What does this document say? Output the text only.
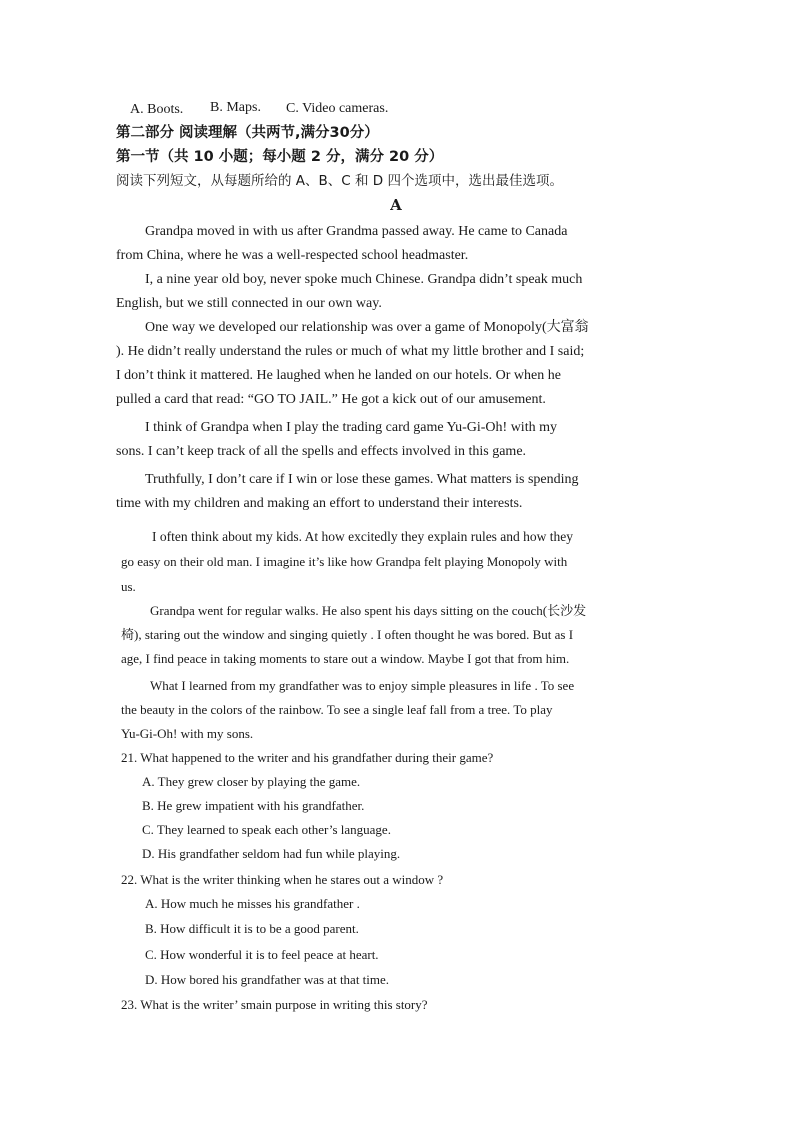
A. Boots. B. Maps. C. Video cameras.
第二部分 阅读理解（共两节,满分30分）
第一节（共 10 小题；每小题 2 分，满分 20 分）
阅读下列短文，从每题所给的 A、B、C 和 D 四个选项中，选出最佳选项。
A
Grandpa moved in with us after Grandma passed away. He came to Canada
from China, where he was a well-respected school headmaster.
I, a nine year old boy, never spoke much Chinese. Grandpa didn’t speak much
English, but we still connected in our own way.
One way we developed our relationship was over a game of Monopoly(大富翁
). He didn’t really understand the rules or much of what my little brother and I said;
I don’t think it mattered. He laughed when he landed on our hotels. Or when he
pulled a card that read: “GO TO JAIL.” He got a kick out of our amusement.
I think of Grandpa when I play the trading card game Yu-Gi-Oh! with my
sons. I can’t keep track of all the spells and effects involved in this game.
Truthfully, I don’t care if I win or lose these games. What matters is spending
time with my children and making an effort to understand their interests.
I often think about my kids. At how excitedly they explain rules and how they
go easy on their old man. I imagine it’s like how Grandpa felt playing Monopoly with
us.
Grandpa went for regular walks. He also spent his days sitting on the couch(长沙发
椅), staring out the window and singing quietly . I often thought he was bored. But as I
age, I find peace in taking moments to stare out a window. Maybe I got that from him.
What I learned from my grandfather was to enjoy simple pleasures in life . To see
the beauty in the colors of the rainbow. To see a single leaf fall from a tree. To play
Yu-Gi-Oh! with my sons.
21. What happened to the writer and his grandfather during their game?
A. They grew closer by playing the game.
B. He grew impatient with his grandfather.
C. They learned to speak each other’s language.
D. His grandfather seldom had fun while playing.
22. What is the writer thinking when he stares out a window ?
A. How much he misses his grandfather .
B. How difficult it is to be a good parent.
C. How wonderful it is to feel peace at heart.
D. How bored his grandfather was at that time.
23. What is the writer’ smain purpose in writing this story?
